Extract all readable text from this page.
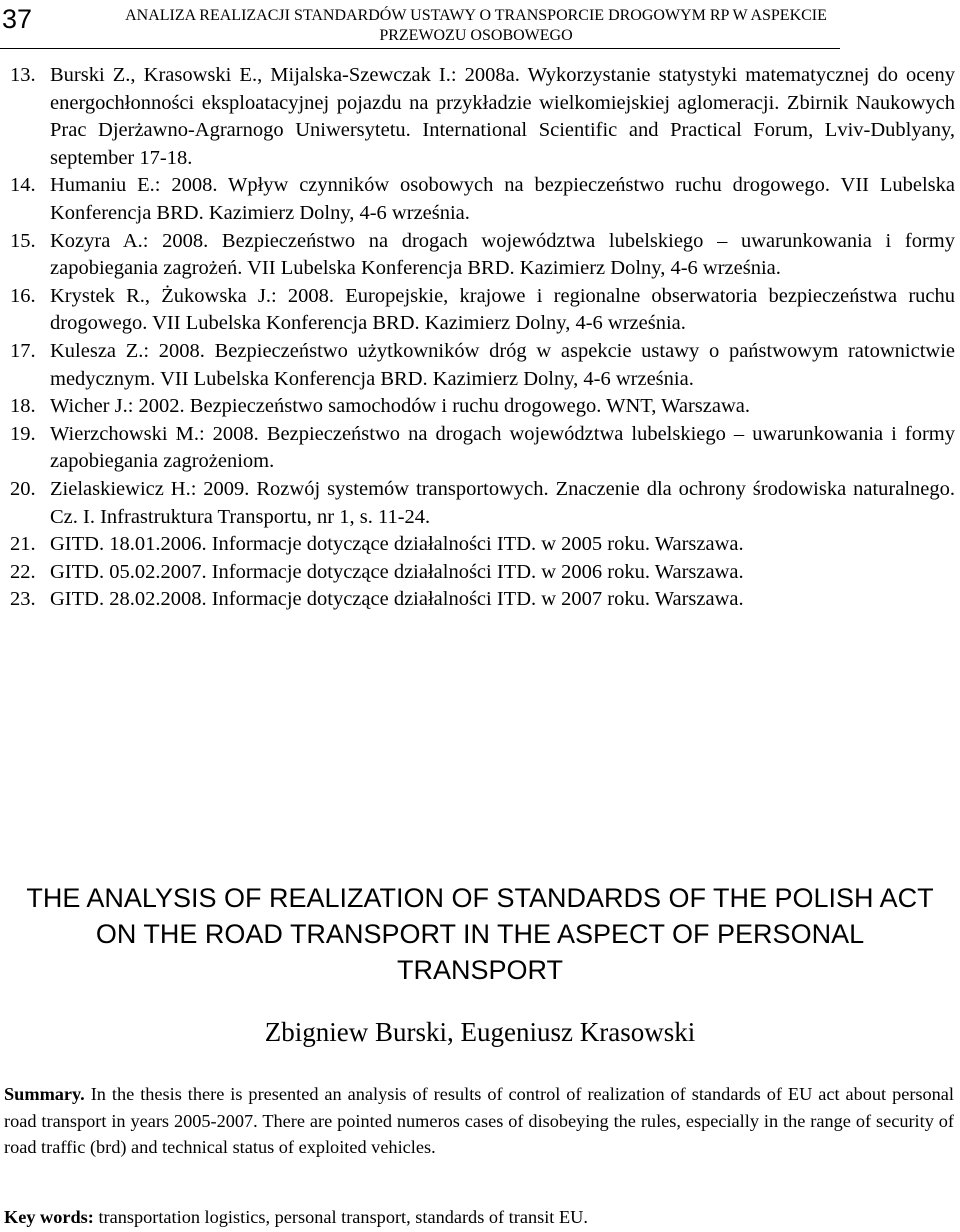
37	ANALIZA REALIZACJI STANDARDÓW USTAWY O TRANSPORCIE DROGOWYM RP W ASPEKCIE PRZEWOZU OSOBOWEGO
13. Burski Z., Krasowski E., Mijalska-Szewczak I.: 2008a. Wykorzystanie statystyki matematycznej do oceny energochłonności eksploatacyjnej pojazdu na przykładzie wielkomiejskiej aglomeracji. Zbirnik Naukowych Prac Djerżawno-Agrarnogo Uniwersytetu. International Scientific and Practical Forum, Lviv-Dublyany, september 17-18.
14. Humaniu E.: 2008. Wpływ czynników osobowych na bezpieczeństwo ruchu drogowego. VII Lubelska Konferencja BRD. Kazimierz Dolny, 4-6 września.
15. Kozyra A.: 2008. Bezpieczeństwo na drogach województwa lubelskiego – uwarunkowania i formy zapobiegania zagrożeń. VII Lubelska Konferencja BRD. Kazimierz Dolny, 4-6 września.
16. Krystek R., Żukowska J.: 2008. Europejskie, krajowe i regionalne obserwatoria bezpieczeństwa ruchu drogowego. VII Lubelska Konferencja BRD. Kazimierz Dolny, 4-6 września.
17. Kulesza Z.: 2008. Bezpieczeństwo użytkowników dróg w aspekcie ustawy o państwowym ratownictwie medycznym. VII Lubelska Konferencja BRD. Kazimierz Dolny, 4-6 września.
18. Wicher J.: 2002. Bezpieczeństwo samochodów i ruchu drogowego. WNT, Warszawa.
19. Wierzchowski M.: 2008. Bezpieczeństwo na drogach województwa lubelskiego – uwarunkowania i formy zapobiegania zagrożeniom.
20. Zielaskiewicz H.: 2009. Rozwój systemów transportowych. Znaczenie dla ochrony środowiska naturalnego. Cz. I. Infrastruktura Transportu, nr 1, s. 11-24.
21. GITD. 18.01.2006. Informacje dotyczące działalności ITD. w 2005 roku. Warszawa.
22. GITD. 05.02.2007. Informacje dotyczące działalności ITD. w 2006 roku. Warszawa.
23. GITD. 28.02.2008. Informacje dotyczące działalności ITD. w 2007 roku. Warszawa.
THE ANALYSIS OF REALIZATION OF STANDARDS OF THE POLISH ACT ON THE ROAD TRANSPORT IN THE ASPECT OF PERSONAL TRANSPORT
Zbigniew Burski, Eugeniusz Krasowski
Summary. In the thesis there is presented an analysis of results of control of realization of standards of EU act about personal road transport in years 2005-2007. There are pointed numeros cases of disobeying the rules, especially in the range of security of road traffic (brd) and technical status of exploited vehicles.
Key words: transportation logistics, personal transport, standards of transit EU.
